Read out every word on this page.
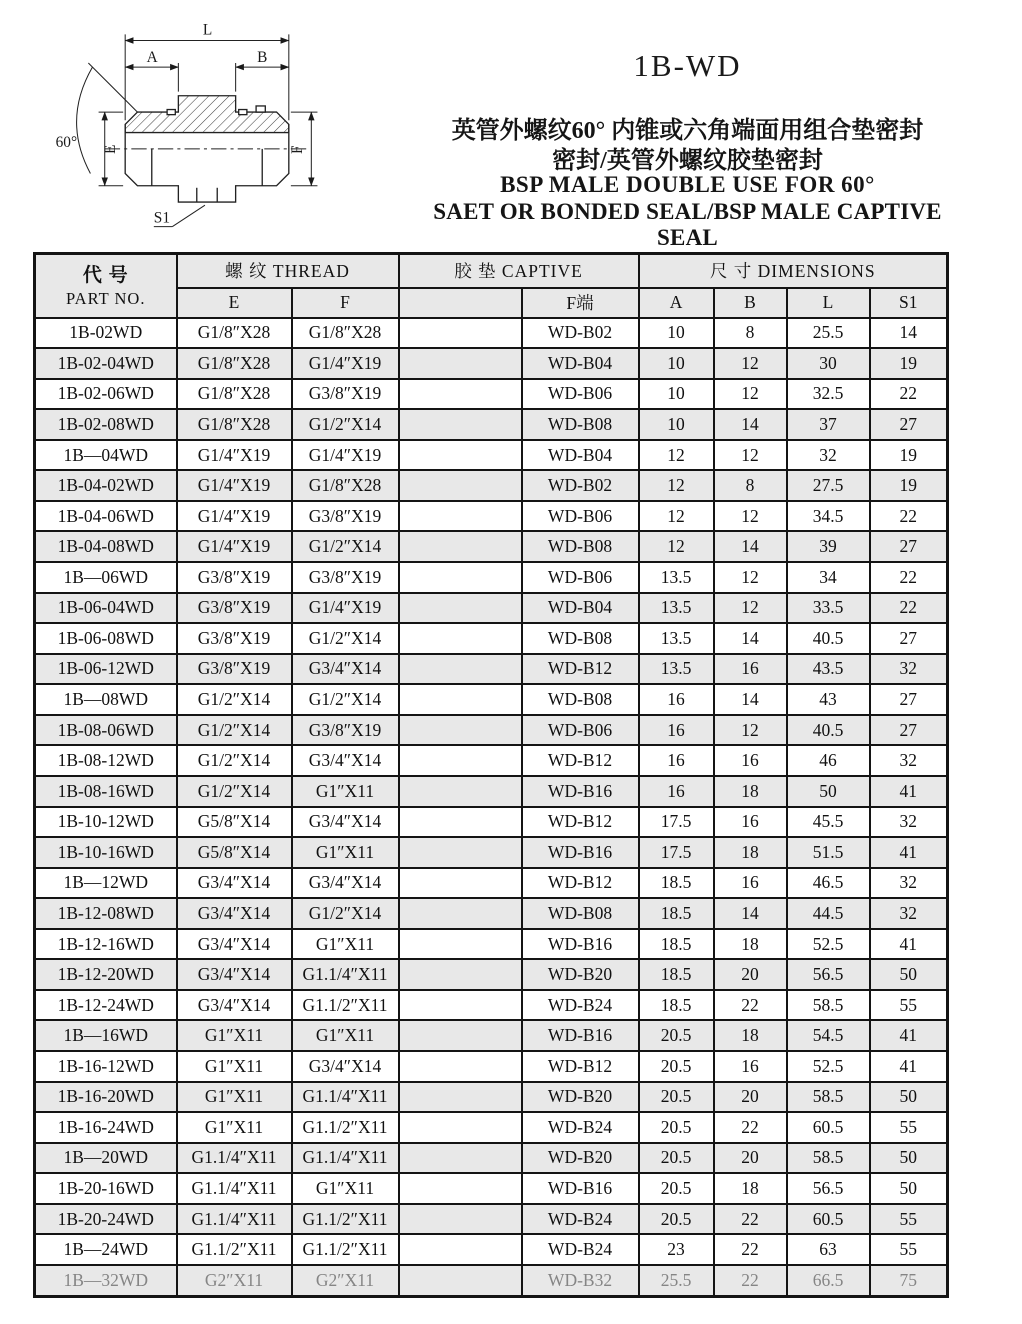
L
A	B
E	F
60°
S1
1B-WD
英管外螺纹60° 内锥或六角端面用组合垫密封
密封/英管外螺纹胶垫密封
BSP MALE DOUBLE USE FOR 60°
SAET OR BONDED SEAL/BSP MALE CAPTIVE SEAL
代 号
PART NO.	螺 纹 THREAD		胶 垫 CAPTIVE		尺 寸 DIMENSIONS			
	E	F		F端	A	B	L	S1
1B-02WD	G1/8″X28	G1/8″X28		WD-B02	10	8	25.5	14
1B-02-04WD	G1/8″X28	G1/4″X19		WD-B04	10	12	30	19
1B-02-06WD	G1/8″X28	G3/8″X19		WD-B06	10	12	32.5	22
1B-02-08WD	G1/8″X28	G1/2″X14		WD-B08	10	14	37	27
1B—04WD	G1/4″X19	G1/4″X19		WD-B04	12	12	32	19
1B-04-02WD	G1/4″X19	G1/8″X28		WD-B02	12	8	27.5	19
1B-04-06WD	G1/4″X19	G3/8″X19		WD-B06	12	12	34.5	22
1B-04-08WD	G1/4″X19	G1/2″X14		WD-B08	12	14	39	27
1B—06WD	G3/8″X19	G3/8″X19		WD-B06	13.5	12	34	22
1B-06-04WD	G3/8″X19	G1/4″X19		WD-B04	13.5	12	33.5	22
1B-06-08WD	G3/8″X19	G1/2″X14		WD-B08	13.5	14	40.5	27
1B-06-12WD	G3/8″X19	G3/4″X14		WD-B12	13.5	16	43.5	32
1B—08WD	G1/2″X14	G1/2″X14		WD-B08	16	14	43	27
1B-08-06WD	G1/2″X14	G3/8″X19		WD-B06	16	12	40.5	27
1B-08-12WD	G1/2″X14	G3/4″X14		WD-B12	16	16	46	32
1B-08-16WD	G1/2″X14	G1″X11		WD-B16	16	18	50	41
1B-10-12WD	G5/8″X14	G3/4″X14		WD-B12	17.5	16	45.5	32
1B-10-16WD	G5/8″X14	G1″X11		WD-B16	17.5	18	51.5	41
1B—12WD	G3/4″X14	G3/4″X14		WD-B12	18.5	16	46.5	32
1B-12-08WD	G3/4″X14	G1/2″X14		WD-B08	18.5	14	44.5	32
1B-12-16WD	G3/4″X14	G1″X11		WD-B16	18.5	18	52.5	41
1B-12-20WD	G3/4″X14	G1.1/4″X11		WD-B20	18.5	20	56.5	50
1B-12-24WD	G3/4″X14	G1.1/2″X11		WD-B24	18.5	22	58.5	55
1B—16WD	G1″X11	G1″X11		WD-B16	20.5	18	54.5	41
1B-16-12WD	G1″X11	G3/4″X14		WD-B12	20.5	16	52.5	41
1B-16-20WD	G1″X11	G1.1/4″X11		WD-B20	20.5	20	58.5	50
1B-16-24WD	G1″X11	G1.1/2″X11		WD-B24	20.5	22	60.5	55
1B—20WD	G1.1/4″X11	G1.1/4″X11		WD-B20	20.5	20	58.5	50
1B-20-16WD	G1.1/4″X11	G1″X11		WD-B16	20.5	18	56.5	50
1B-20-24WD	G1.1/4″X11	G1.1/2″X11		WD-B24	20.5	22	60.5	55
1B—24WD	G1.1/2″X11	G1.1/2″X11		WD-B24	23	22	63	55
1B—32WD	G2″X11	G2″X11		WD-B32	25.5	22	66.5	75
